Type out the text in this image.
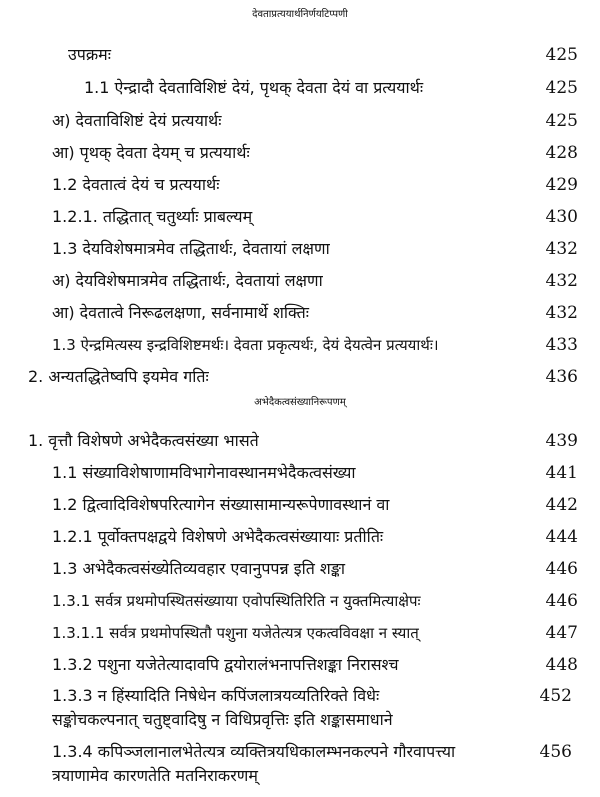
देवताप्रत्ययार्थनिर्णयटिप्पणी
उपक्रमः	425
1.1 ऐन्द्रादौ देवताविशिष्टं देयं, पृथक् देवता देयं वा प्रत्ययार्थः	425
अ) देवताविशिष्टं देयं प्रत्ययार्थः	425
आ) पृथक् देवता देयम् च प्रत्ययार्थः	428
1.2 देवतात्वं देयं च प्रत्ययार्थः	429
1.2.1. तद्धितात् चतुर्थ्याः प्राबल्यम्	430
1.3 देयविशेषमात्रमेव तद्धितार्थः, देवतायां लक्षणा	432
अ) देयविशेषमात्रमेव तद्धितार्थः, देवतायां लक्षणा	432
आ) देवतात्वे निरूढलक्षणा, सर्वनामार्थे शक्तिः	432
1.3 ऐन्द्रमित्यस्य इन्द्रविशिष्टमर्थः। देवता प्रकृत्यर्थः, देयं देयत्वेन प्रत्ययार्थः।	433
2. अन्यतद्धितेष्वपि इयमेव गतिः	436
अभेदैकत्वसंख्यानिरूपणम्
1. वृत्तौ विशेषणे अभेदैकत्वसंख्या भासते	439
1.1 संख्याविशेषाणामविभागेनावस्थानमभेदैकत्वसंख्या	441
1.2 द्वित्वादिविशेषपरित्यागेन संख्यासामान्यरूपेणावस्थानं वा	442
1.2.1 पूर्वोक्तपक्षद्वये विशेषणे अभेदैकत्वसंख्यायाः प्रतीतिः	444
1.3 अभेदैकत्वसंख्येतिव्यवहार एवानुपपन्न इति शङ्का	446
1.3.1 सर्वत्र प्रथमोपस्थितसंख्याया एवोपस्थितिरिति न युक्तमित्याक्षेपः	446
1.3.1.1 सर्वत्र प्रथमोपस्थितौ पशुना यजेतेत्यत्र एकत्वविवक्षा न स्यात्	447
1.3.2 पशुना यजेतेत्यादावपि द्वयोरालंभनापत्तिशङ्का निरासश्च	448
1.3.3 न हिंस्यादिति निषेधेन कपिंजलात्रयव्यतिरिक्ते विधेः	452
सङ्कोचकल्पनात् चतुष्ट्वादिषु न विधिप्रवृत्तिः इति शङ्कासमाधाने
1.3.4 कपिञ्जलानालभेतेत्यत्र व्यक्तित्रयधिकालम्भनकल्पने गौरवापत्त्या	456
त्रयाणामेव कारणतेति मतनिराकरणम्
